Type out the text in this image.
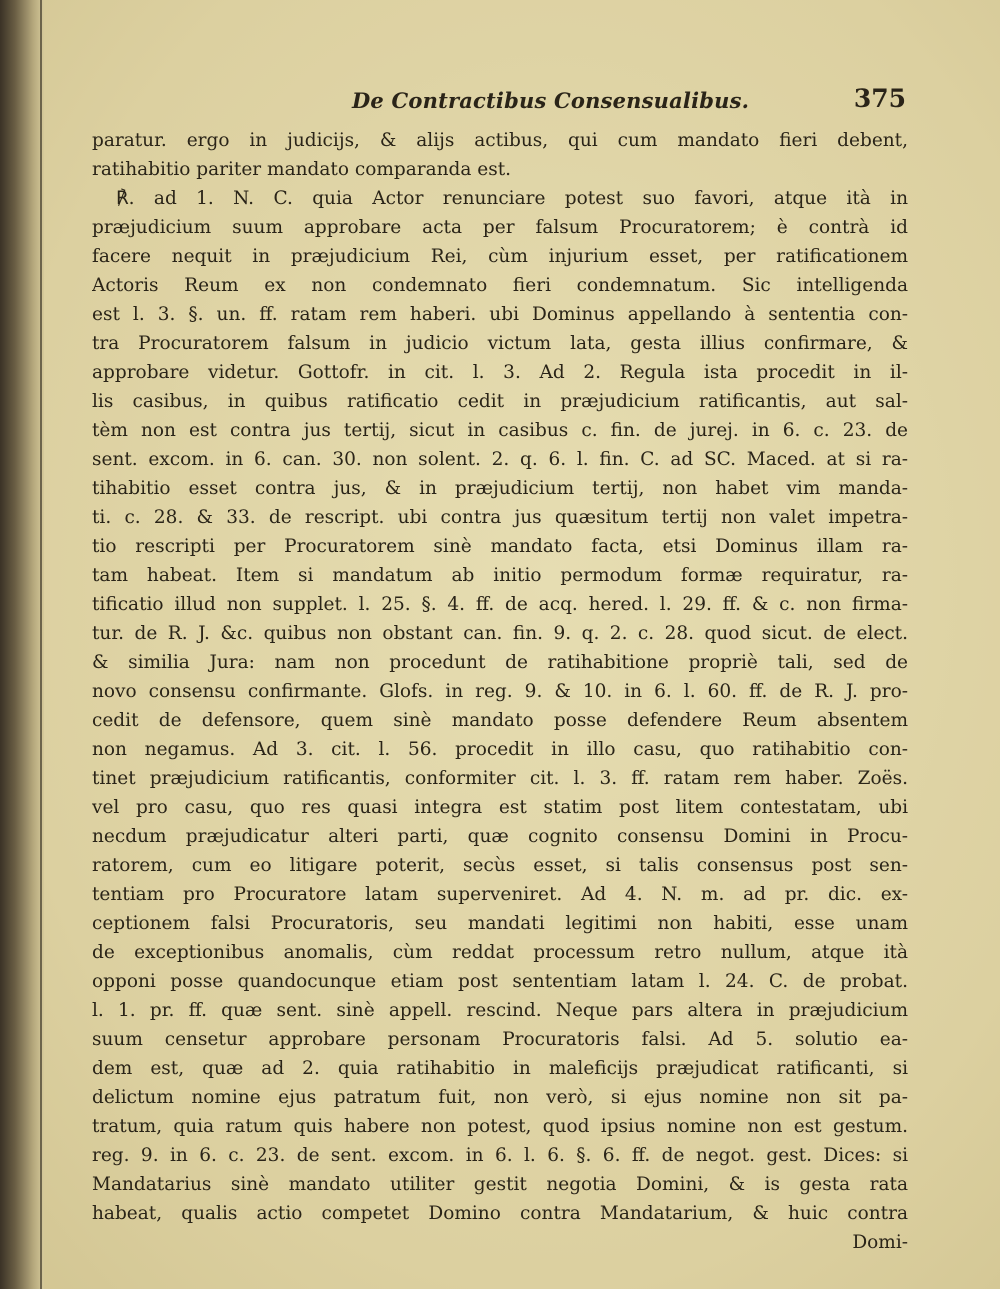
De Contractibus Consensualibus.	375
paratur. ergo in judicijs, & alijs actibus, qui cum mandato fieri debent,
ratihabitio pariter mandato comparanda est.
℟. ad 1. N. C. quia Actor renunciare potest suo favori, atque ità in
præjudicium suum approbare acta per falsum Procuratorem; è contrà id
facere nequit in præjudicium Rei, cùm injurium esset, per ratificationem
Actoris Reum ex non condemnato fieri condemnatum. Sic intelligenda
est l. 3. §. un. ff. ratam rem haberi. ubi Dominus appellando à sententia con-
tra Procuratorem falsum in judicio victum lata, gesta illius confirmare, &
approbare videtur. Gottofr. in cit. l. 3. Ad 2. Regula ista procedit in il-
lis casibus, in quibus ratificatio cedit in præjudicium ratificantis, aut sal-
tèm non est contra jus tertij, sicut in casibus c. fin. de jurej. in 6. c. 23. de
sent. excom. in 6. can. 30. non solent. 2. q. 6. l. fin. C. ad SC. Maced. at si ra-
tihabitio esset contra jus, & in præjudicium tertij, non habet vim manda-
ti. c. 28. & 33. de rescript. ubi contra jus quæsitum tertij non valet impetra-
tio rescripti per Procuratorem sinè mandato facta, etsi Dominus illam ra-
tam habeat. Item si mandatum ab initio permodum formæ requiratur, ra-
tificatio illud non supplet. l. 25. §. 4. ff. de acq. hered. l. 29. ff. & c. non firma-
tur. de R. J. &c. quibus non obstant can. fin. 9. q. 2. c. 28. quod sicut. de elect.
& similia Jura: nam non procedunt de ratihabitione propriè tali, sed de
novo consensu confirmante. Glofs. in reg. 9. & 10. in 6. l. 60. ff. de R. J. pro-
cedit de defensore, quem sinè mandato posse defendere Reum absentem
non negamus. Ad 3. cit. l. 56. procedit in illo casu, quo ratihabitio con-
tinet præjudicium ratificantis, conformiter cit. l. 3. ff. ratam rem haber. Zoës.
vel pro casu, quo res quasi integra est statim post litem contestatam, ubi
necdum præjudicatur alteri parti, quæ cognito consensu Domini in Procu-
ratorem, cum eo litigare poterit, secùs esset, si talis consensus post sen-
tentiam pro Procuratore latam superveniret. Ad 4. N. m. ad pr. dic. ex-
ceptionem falsi Procuratoris, seu mandati legitimi non habiti, esse unam
de exceptionibus anomalis, cùm reddat processum retro nullum, atque ità
opponi posse quandocunque etiam post sententiam latam l. 24. C. de probat.
l. 1. pr. ff. quæ sent. sinè appell. rescind. Neque pars altera in præjudicium
suum censetur approbare personam Procuratoris falsi. Ad 5. solutio ea-
dem est, quæ ad 2. quia ratihabitio in maleficijs præjudicat ratificanti, si
delictum nomine ejus patratum fuit, non verò, si ejus nomine non sit pa-
tratum, quia ratum quis habere non potest, quod ipsius nomine non est gestum.
reg. 9. in 6. c. 23. de sent. excom. in 6. l. 6. §. 6. ff. de negot. gest. Dices: si
Mandatarius sinè mandato utiliter gestit negotia Domini, & is gesta rata
habeat, qualis actio competet Domino contra Mandatarium, & huic contra
Domi-
